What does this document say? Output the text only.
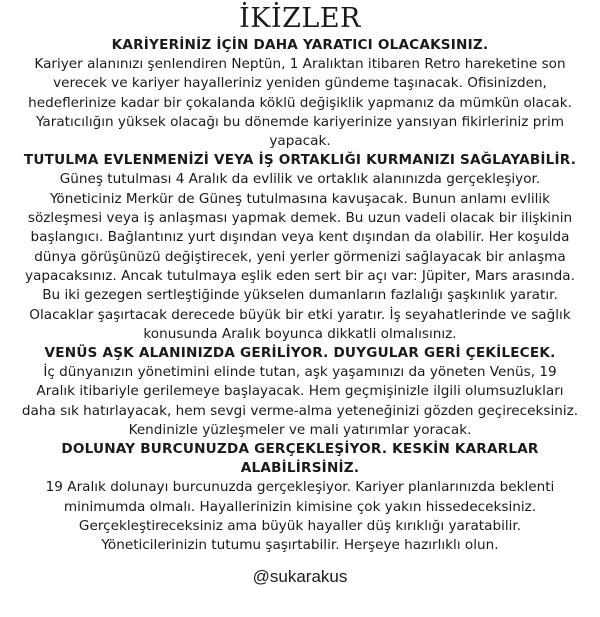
İKİZLER
KARİYERİNİZ İÇİN DAHA YARATICI OLACAKSINIZ.

Kariyer alanınızı şenlendiren Neptün, 1 Aralıktan itibaren Retro hareketine son
verecek ve kariyer hayalleriniz yeniden gündeme taşınacak. Ofisinizden,
hedeflerinize kadar bir çokalanda köklü değişiklik yapmanız da mümkün olacak.
Yaratıcılığın yüksek olacağı bu dönemde kariyerinize yansıyan fikirleriniz prim
yapacak.

TUTULMA EVLENMENİZİ VEYA İŞ ORTAKLIĞI KURMANIZI SAĞLAYABİLİR.

Güneş tutulması 4 Aralık da evlilik ve ortaklık alanınızda gerçekleşiyor.
Yöneticiniz Merkür de Güneş tutulmasına kavuşacak. Bunun anlamı evlilik
sözleşmesi veya iş anlaşması yapmak demek. Bu uzun vadeli olacak bir ilişkinin
başlangıcı. Bağlantınız yurt dışından veya kent dışından da olabilir. Her koşulda
dünya görüşünüzü değiştirecek, yeni yerler görmenizi sağlayacak bir anlaşma
yapacaksınız. Ancak tutulmaya eşlik eden sert bir açı var: Jüpiter, Mars arasında.
Bu iki gezegen sertleştiğinde yükselen dumanların fazlalığı şaşkınlık yaratır.
Olacaklar şaşırtacak derecede büyük bir etki yaratır. İş seyahatlerinde ve sağlık
konusunda Aralık boyunca dikkatli olmalısınız.

VENÜS AŞK ALANINIZDA GERİLİYOR. DUYGULAR GERİ ÇEKİLECEK.

İç dünyanızın yönetimini elinde tutan, aşk yaşamınızı da yöneten Venüs, 19
Aralık itibariyle gerilemeye başlayacak. Hem geçmişinizle ilgili olumsuzlukları
daha sık hatırlayacak, hem sevgi verme-alma yeteneğinizi gözden geçireceksiniz.
Kendinizle yüzleşmeler ve mali yatırımlar yoracak.

DOLUNAY BURCUNUZDA GERÇEKLEŞİYOR. KESKİN KARARLAR ALABİLİRSİNİZ.

19 Aralık dolunayı burcunuzda gerçekleşiyor. Kariyer planlarınızda beklenti
minimumda olmalı. Hayallerinizin kimisine çok yakın hissedeceksiniz.
Gerçekleştireceksiniz ama büyük hayaller düş kırıklığı yaratabilir.
Yöneticilerinizin tutumu şaşırtabilir. Herşeye hazırlıklı olun.

@sukarakus
